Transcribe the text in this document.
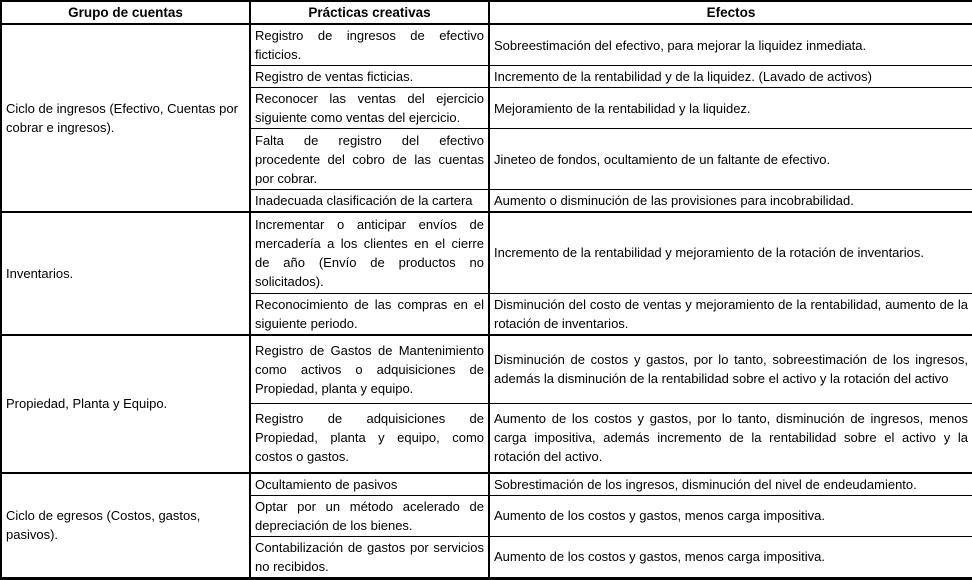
Grupo de cuentas	Prácticas creativas	Efectos
Ciclo de ingresos (Efectivo, Cuentas por cobrar e ingresos).	Registro de ingresos de efectivo ficticios.	Sobreestimación del efectivo, para mejorar la liquidez inmediata.
	Registro de ventas ficticias.	Incremento de la rentabilidad y de la liquidez. (Lavado de activos)
	Reconocer las ventas del ejercicio siguiente como ventas del ejercicio.	Mejoramiento de la rentabilidad y la liquidez.
	Falta de registro del efectivo procedente del cobro de las cuentas por cobrar.	Jineteo de fondos, ocultamiento de un faltante de efectivo.
	Inadecuada clasificación de la cartera	Aumento o disminución de las provisiones para incobrabilidad.
Inventarios.	Incrementar o anticipar envíos de mercadería a los clientes en el cierre de año (Envío de productos no solicitados).	Incremento de la rentabilidad y mejoramiento de la rotación de inventarios.
	Reconocimiento de las compras en el siguiente periodo.	Disminución del costo de ventas y mejoramiento de la rentabilidad, aumento de la rotación de inventarios.
Propiedad, Planta y Equipo.	Registro de Gastos de Mantenimiento como activos o adquisiciones de Propiedad, planta y equipo.	Disminución de costos y gastos, por lo tanto, sobreestimación de los ingresos, además la disminución de la rentabilidad sobre el activo y la rotación del activo
	Registro de adquisiciones de Propiedad, planta y equipo, como costos o gastos.	Aumento de los costos y gastos, por lo tanto, disminución de ingresos, menos carga impositiva, además incremento de la rentabilidad sobre el activo y la rotación del activo.
Ciclo de egresos (Costos, gastos, pasivos).	Ocultamiento de pasivos	Sobrestimación de los ingresos, disminución del nivel de endeudamiento.
	Optar por un método acelerado de depreciación de los bienes.	Aumento de los costos y gastos, menos carga impositiva.
	Contabilización de gastos por servicios no recibidos.	Aumento de los costos y gastos, menos carga impositiva.
